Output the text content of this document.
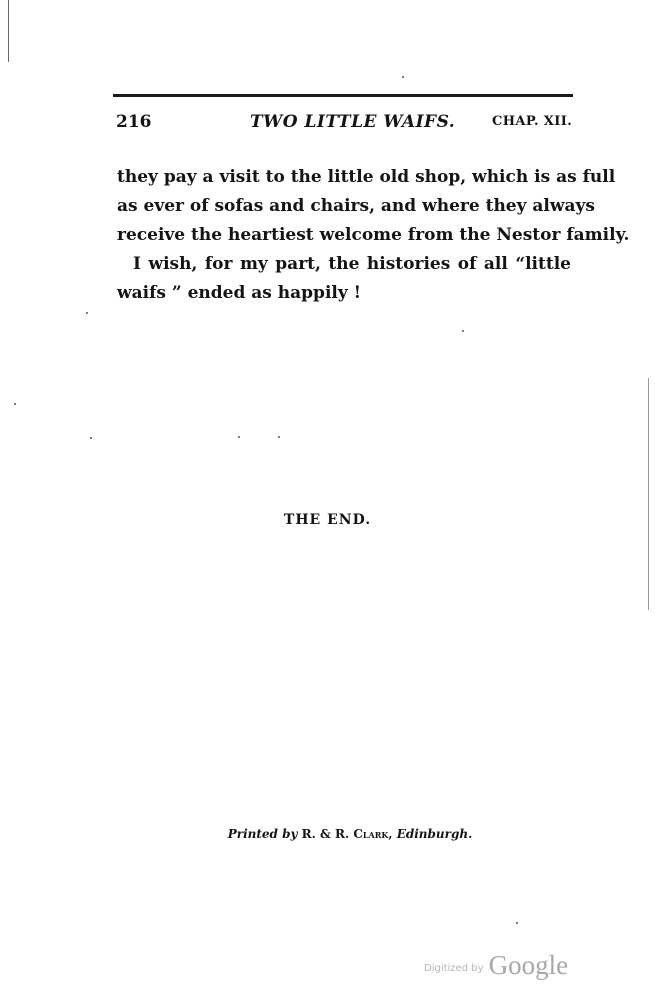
216	TWO LITTLE WAIFS.	CHAP. XII.
they pay a visit to the little old shop, which is as full
as ever of sofas and chairs, and where they always
receive the heartiest welcome from the Nestor family.
I wish, for my part, the histories of all “little
waifs ” ended as happily !
THE END.
Printed by R. & R. Clark, Edinburgh.
Digitized by Google
